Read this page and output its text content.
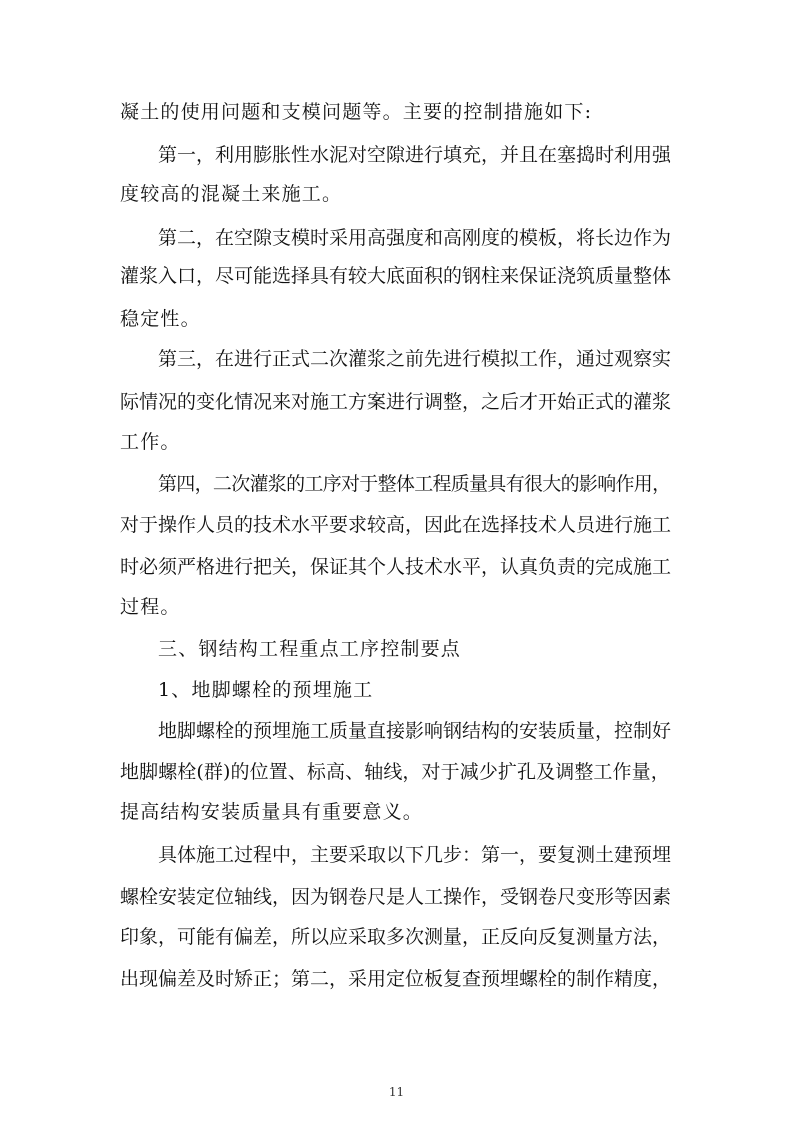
凝土的使用问题和支模问题等。主要的控制措施如下:
第一，利用膨胀性水泥对空隙进行填充，并且在塞捣时利用强
度较高的混凝土来施工。
第二，在空隙支模时采用高强度和高刚度的模板，将长边作为
灌浆入口，尽可能选择具有较大底面积的钢柱来保证浇筑质量整体
稳定性。
第三，在进行正式二次灌浆之前先进行模拟工作，通过观察实
际情况的变化情况来对施工方案进行调整，之后才开始正式的灌浆
工作。
第四，二次灌浆的工序对于整体工程质量具有很大的影响作用，
对于操作人员的技术水平要求较高，因此在选择技术人员进行施工
时必须严格进行把关，保证其个人技术水平，认真负责的完成施工
过程。
三、钢结构工程重点工序控制要点
1、地脚螺栓的预埋施工
地脚螺栓的预埋施工质量直接影响钢结构的安装质量，控制好
地脚螺栓(群)的位置、标高、轴线，对于减少扩孔及调整工作量，
提高结构安装质量具有重要意义。
具体施工过程中，主要采取以下几步：第一，要复测土建预埋
螺栓安装定位轴线，因为钢卷尺是人工操作，受钢卷尺变形等因素
印象，可能有偏差，所以应采取多次测量，正反向反复测量方法，
出现偏差及时矫正；第二，采用定位板复查预埋螺栓的制作精度，
11
